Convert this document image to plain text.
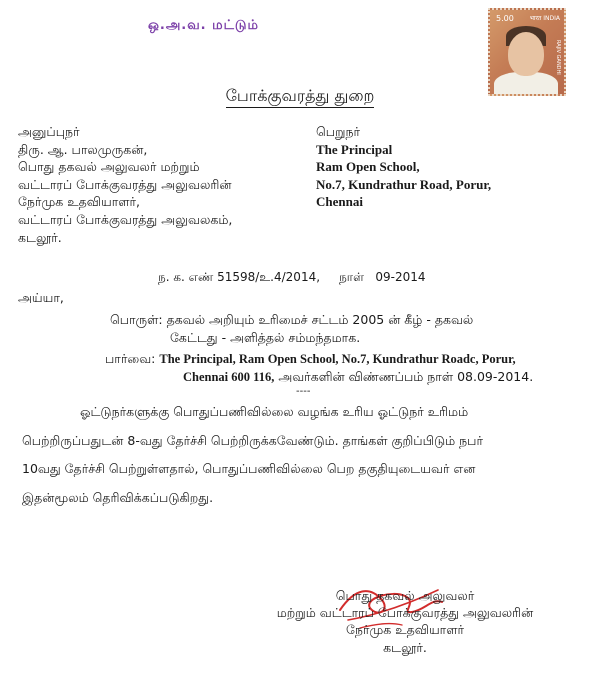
ஒ.அ.வ. மட்டும்	5.00	भारत INDIA
RAJIV GANDHI
போக்குவரத்து துறை
அனுப்புநர்
திரு. ஆ. பாலமுருகன்,
பொது தகவல் அலுவலர் மற்றும்
வட்டாரப் போக்குவரத்து அலுவலரின்
நேர்முக உதவியாளர்,
வட்டாரப் போக்குவரத்து அலுவலகம்,
கடலூர்.
பெறுநர்
The Principal
Ram Open School,
No.7, Kundrathur Road, Porur,
Chennai
ந. க. எண் 51598/உ.4/2014,     நாள்   09-2014
அய்யா,
பொருள்: தகவல் அறியும் உரிமைச் சட்டம் 2005 ன் கீழ் - தகவல்
கேட்டது - அளித்தல் சம்மந்தமாக.
பார்வை: The Principal, Ram Open School, No.7, Kundrathur Roadc, Porur,
Chennai 600 116, அவர்களின் விண்ணப்பம் நாள் 08.09-2014.
----

ஓட்டுநர்களுக்கு பொதுப்பணிவில்லை வழங்க உரிய ஓட்டுநர் உரிமம்

பெற்றிருப்பதுடன் 8-வது தேர்ச்சி பெற்றிருக்கவேண்டும். தாங்கள் குறிப்பிடும் நபர்

10வது தேர்ச்சி பெற்றுள்ளதால், பொதுப்பணிவில்லை பெற தகுதியுடையவர் என

இதன்மூலம் தெரிவிக்கப்படுகிறது.

பொது தகவல் அலுவலர்
மற்றும் வட்டாரப் போக்குவரத்து அலுவலரின்
நேர்முக உதவியாளர்
கடலூர்.
